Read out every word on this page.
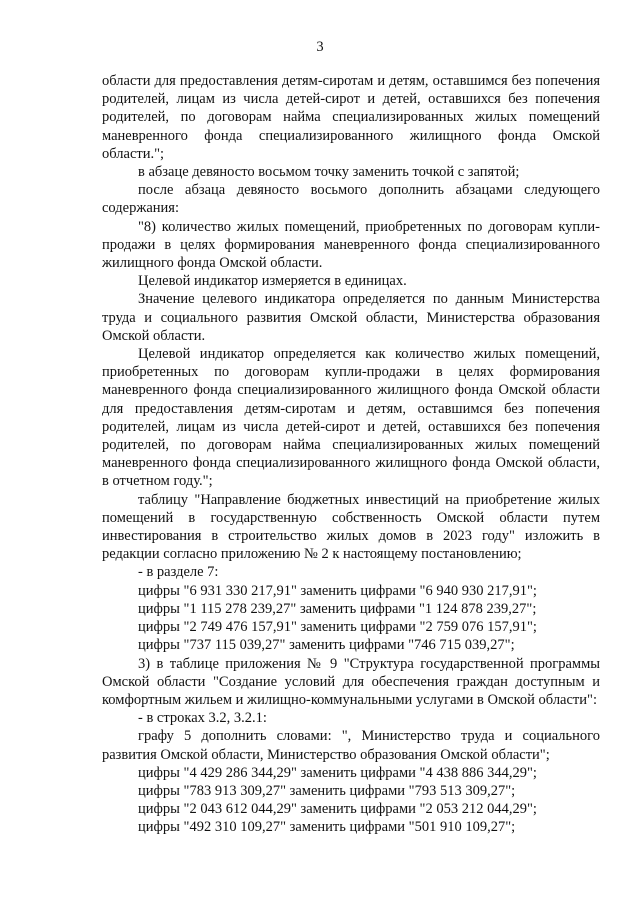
3

области для предоставления детям-сиротам и детям, оставшимся без попечения родителей, лицам из числа детей-сирот и детей, оставшихся без попечения родителей, по договорам найма специализированных жилых помещений маневренного фонда специализированного жилищного фонда Омской области.";

в абзаце девяносто восьмом точку заменить точкой с запятой;

после абзаца девяносто восьмого дополнить абзацами следующего содержания:

"8) количество жилых помещений, приобретенных по договорам купли-продажи в целях формирования маневренного фонда специализированного жилищного фонда Омской области.

Целевой индикатор измеряется в единицах.

Значение целевого индикатора определяется по данным Министерства труда и социального развития Омской области, Министерства образования Омской области.

Целевой индикатор определяется как количество жилых помещений, приобретенных по договорам купли-продажи в целях формирования маневренного фонда специализированного жилищного фонда Омской области для предоставления детям-сиротам и детям, оставшимся без попечения родителей, лицам из числа детей-сирот и детей, оставшихся без попечения родителей, по договорам найма специализированных жилых помещений маневренного фонда специализированного жилищного фонда Омской области, в отчетном году.";

таблицу "Направление бюджетных инвестиций на приобретение жилых помещений в государственную собственность Омской области путем инвестирования в строительство жилых домов в 2023 году" изложить в редакции согласно приложению № 2 к настоящему постановлению;

- в разделе 7:

цифры "6 931 330 217,91" заменить цифрами "6 940 930 217,91";

цифры "1 115 278 239,27" заменить цифрами "1 124 878 239,27";

цифры "2 749 476 157,91" заменить цифрами "2 759 076 157,91";

цифры "737 115 039,27" заменить цифрами "746 715 039,27";

3) в таблице приложения № 9 "Структура государственной программы Омской области "Создание условий для обеспечения граждан доступным и комфортным жильем и жилищно-коммунальными услугами в Омской области":

- в строках 3.2, 3.2.1:

графу 5 дополнить словами: ", Министерство труда и социального развития Омской области, Министерство образования Омской области";

цифры "4 429 286 344,29" заменить цифрами "4 438 886 344,29";

цифры "783 913 309,27" заменить цифрами "793 513 309,27";

цифры "2 043 612 044,29" заменить цифрами "2 053 212 044,29";

цифры "492 310 109,27" заменить цифрами "501 910 109,27";
